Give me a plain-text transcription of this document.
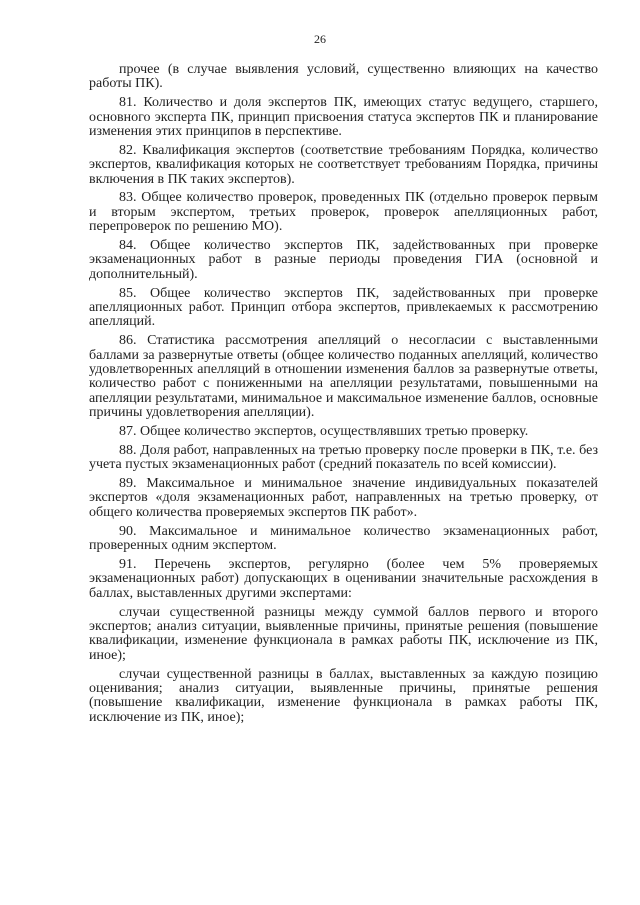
26

прочее (в случае выявления условий, существенно влияющих на качество работы ПК).

81. Количество и доля экспертов ПК, имеющих статус ведущего, старшего, основного эксперта ПК, принцип присвоения статуса экспертов ПК и планирование изменения этих принципов в перспективе.

82. Квалификация экспертов (соответствие требованиям Порядка, количество экспертов, квалификация которых не соответствует требованиям Порядка, причины включения в ПК таких экспертов).

83. Общее количество проверок, проведенных ПК (отдельно проверок первым и вторым экспертом, третьих проверок, проверок апелляционных работ, перепроверок по решению МО).

84. Общее количество экспертов ПК, задействованных при проверке экзаменационных работ в разные периоды проведения ГИА (основной и дополнительный).

85. Общее количество экспертов ПК, задействованных при проверке апелляционных работ. Принцип отбора экспертов, привлекаемых к рассмотрению апелляций.

86. Статистика рассмотрения апелляций о несогласии с выставленными баллами за развернутые ответы (общее количество поданных апелляций, количество удовлетворенных апелляций в отношении изменения баллов за развернутые ответы, количество работ с пониженными на апелляции результатами, повышенными на апелляции результатами, минимальное и максимальное изменение баллов, основные причины удовлетворения апелляции).

87. Общее количество экспертов, осуществлявших третью проверку.

88. Доля работ, направленных на третью проверку после проверки в ПК, т.е. без учета пустых экзаменационных работ (средний показатель по всей комиссии).

89. Максимальное и минимальное значение индивидуальных показателей экспертов «доля экзаменационных работ, направленных на третью проверку, от общего количества проверяемых экспертов ПК работ».

90. Максимальное и минимальное количество экзаменационных работ, проверенных одним экспертом.

91. Перечень экспертов, регулярно (более чем 5% проверяемых экзаменационных работ) допускающих в оценивании значительные расхождения в баллах, выставленных другими экспертами:

случаи существенной разницы между суммой баллов первого и второго экспертов; анализ ситуации, выявленные причины, принятые решения (повышение квалификации, изменение функционала в рамках работы ПК, исключение из ПК, иное);

случаи существенной разницы в баллах, выставленных за каждую позицию оценивания; анализ ситуации, выявленные причины, принятые решения (повышение квалификации, изменение функционала в рамках работы ПК, исключение из ПК, иное);
